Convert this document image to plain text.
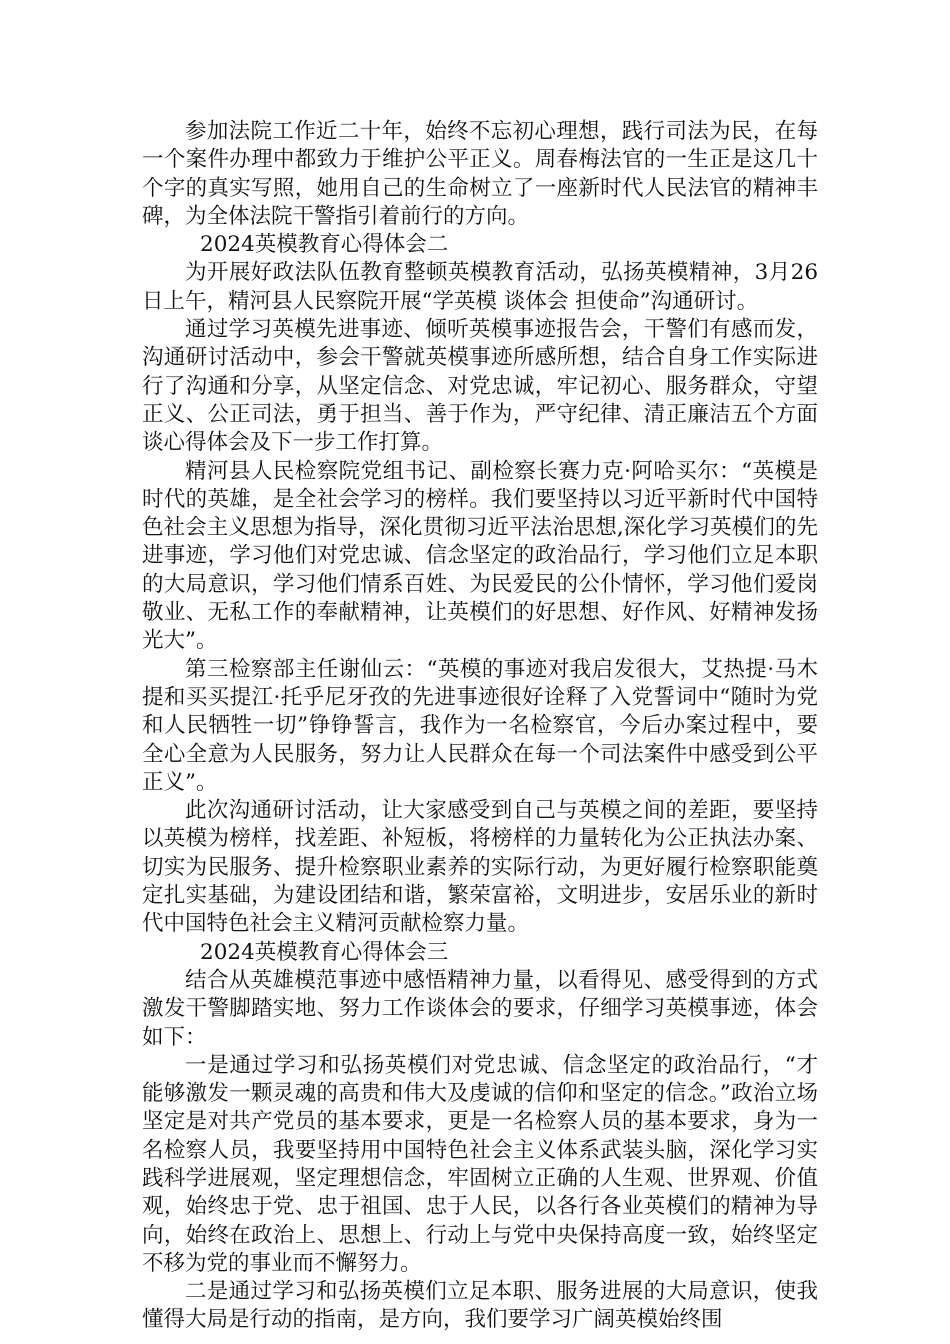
参加法院工作近二十年，始终不忘初心理想，践行司法为民，在每一个案件办理中都致力于维护公平正义。周春梅法官的一生正是这几十个字的真实写照，她用自己的生命树立了一座新时代人民法官的精神丰碑，为全体法院干警指引着前行的方向。

2024英模教育心得体会二

为开展好政法队伍教育整顿英模教育活动，弘扬英模精神，3月26日上午，精河县人民察院开展“学英模 谈体会 担使命”沟通研讨。

通过学习英模先进事迹、倾听英模事迹报告会，干警们有感而发，沟通研讨活动中，参会干警就英模事迹所感所想，结合自身工作实际进行了沟通和分享，从坚定信念、对党忠诚，牢记初心、服务群众，守望正义、公正司法，勇于担当、善于作为，严守纪律、清正廉洁五个方面谈心得体会及下一步工作打算。

精河县人民检察院党组书记、副检察长赛力克·阿哈买尔：“英模是时代的英雄，是全社会学习的榜样。我们要坚持以习近平新时代中国特色社会主义思想为指导，深化贯彻习近平法治思想,深化学习英模们的先进事迹，学习他们对党忠诚、信念坚定的政治品行，学习他们立足本职的大局意识，学习他们情系百姓、为民爱民的公仆情怀，学习他们爱岗敬业、无私工作的奉献精神，让英模们的好思想、好作风、好精神发扬光大”。

第三检察部主任谢仙云：“英模的事迹对我启发很大，艾热提·马木提和买买提江·托乎尼牙孜的先进事迹很好诠释了入党誓词中“随时为党和人民牺牲一切”铮铮誓言，我作为一名检察官，今后办案过程中，要全心全意为人民服务，努力让人民群众在每一个司法案件中感受到公平正义”。

此次沟通研讨活动，让大家感受到自己与英模之间的差距，要坚持以英模为榜样，找差距、补短板，将榜样的力量转化为公正执法办案、切实为民服务、提升检察职业素养的实际行动，为更好履行检察职能奠定扎实基础，为建设团结和谐，繁荣富裕，文明进步，安居乐业的新时代中国特色社会主义精河贡献检察力量。

2024英模教育心得体会三

结合从英雄模范事迹中感悟精神力量，以看得见、感受得到的方式激发干警脚踏实地、努力工作谈体会的要求，仔细学习英模事迹，体会如下：

一是通过学习和弘扬英模们对党忠诚、信念坚定的政治品行，“才能够激发一颗灵魂的高贵和伟大及虔诚的信仰和坚定的信念。”政治立场坚定是对共产党员的基本要求，更是一名检察人员的基本要求，身为一名检察人员，我要坚持用中国特色社会主义体系武装头脑，深化学习实践科学进展观，坚定理想信念，牢固树立正确的人生观、世界观、价值观，始终忠于党、忠于祖国、忠于人民，以各行各业英模们的精神为导向，始终在政治上、思想上、行动上与党中央保持高度一致，始终坚定不移为党的事业而不懈努力。

二是通过学习和弘扬英模们立足本职、服务进展的大局意识，使我懂得大局是行动的指南，是方向，我们要学习广阔英模始终围
